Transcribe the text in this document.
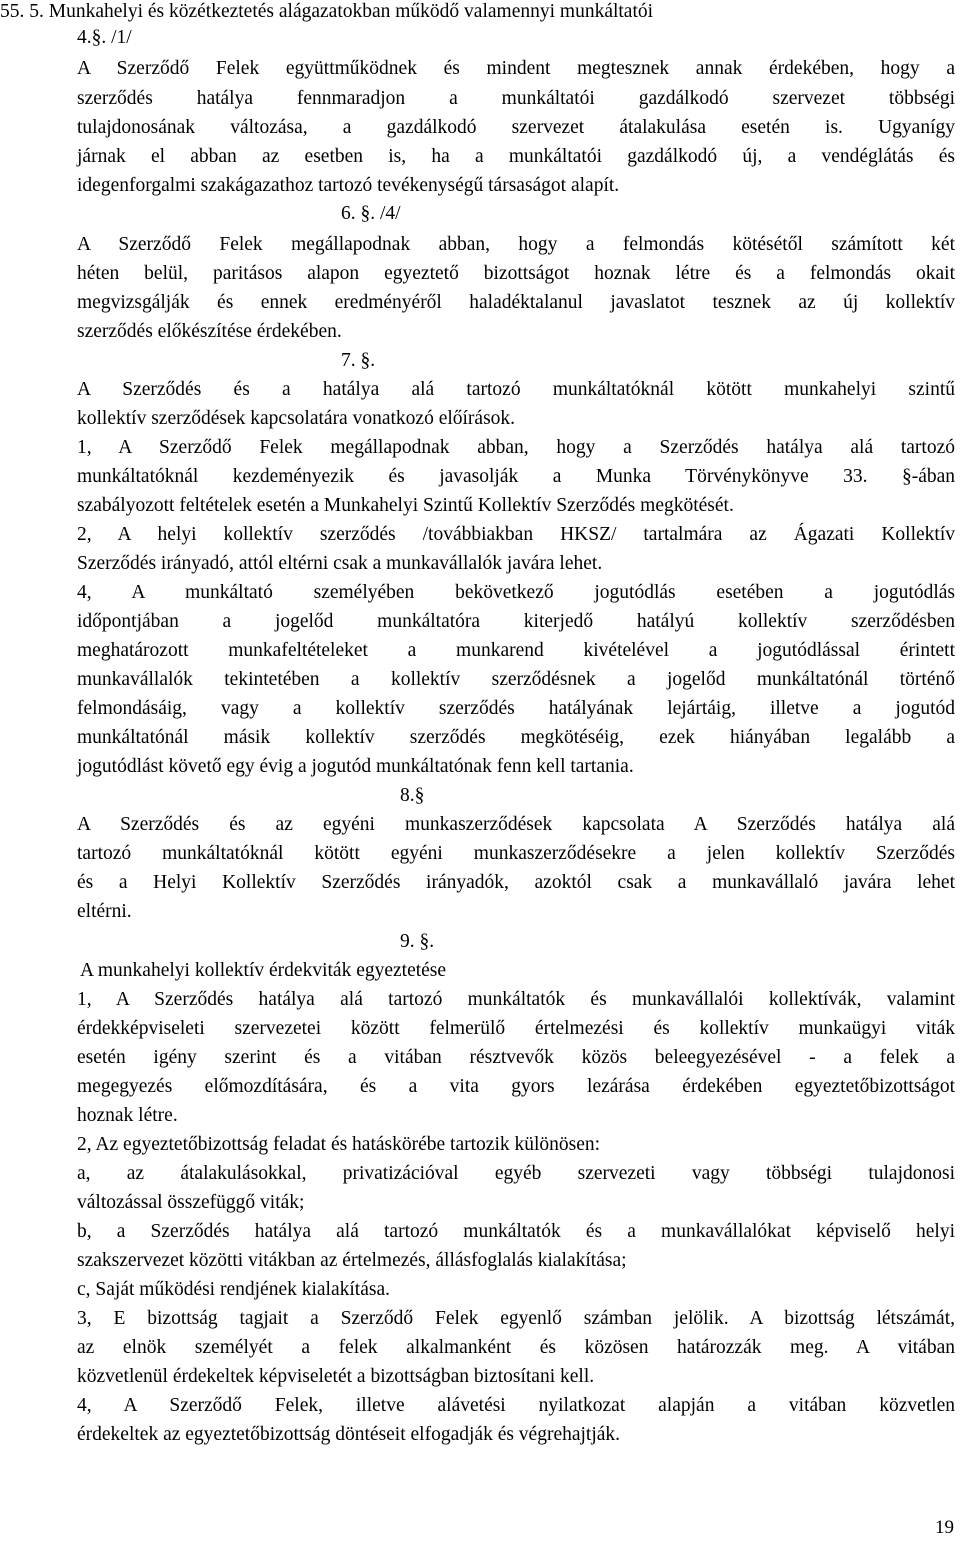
55. 5. Munkahelyi és közétkeztetés alágazatokban működő valamennyi munkáltatói
4.§. /1/
A Szerződő Felek együttműködnek és mindent megtesznek annak érdekében, hogy a
szerződés hatálya fennmaradjon a munkáltatói gazdálkodó szervezet többségi
tulajdonosának változása, a gazdálkodó szervezet átalakulása esetén is. Ugyanígy
járnak el abban az esetben is, ha a munkáltatói gazdálkodó új, a vendéglátás és
idegenforgalmi szakágazathoz tartozó tevékenységű társaságot alapít.
6. §. /4/
A Szerződő Felek megállapodnak abban, hogy a felmondás kötésétől számított két
héten belül, paritásos alapon egyeztető bizottságot hoznak létre és a felmondás okait
megvizsgálják és ennek eredményéről haladéktalanul javaslatot tesznek az új kollektív
szerződés előkészítése érdekében.
7. §.
A Szerződés és a hatálya alá tartozó munkáltatóknál kötött munkahelyi szintű
kollektív szerződések kapcsolatára vonatkozó előírások.
1, A Szerződő Felek megállapodnak abban, hogy a Szerződés hatálya alá tartozó
munkáltatóknál kezdeményezik és javasolják a Munka Törvénykönyve 33. §-ában
szabályozott feltételek esetén a Munkahelyi Szintű Kollektív Szerződés megkötését.
2, A helyi kollektív szerződés /továbbiakban HKSZ/ tartalmára az Ágazati Kollektív
Szerződés irányadó, attól eltérni csak a munkavállalók javára lehet.
4, A munkáltató személyében bekövetkező jogutódlás esetében a jogutódlás
időpontjában a jogelőd munkáltatóra kiterjedő hatályú kollektív szerződésben
meghatározott munkafeltételeket a munkarend kivételével a jogutódlással érintett
munkavállalók tekintetében a kollektív szerződésnek a jogelőd munkáltatónál történő
felmondásáig, vagy a kollektív szerződés hatályának lejártáig, illetve a jogutód
munkáltatónál másik kollektív szerződés megkötéséig, ezek hiányában legalább a
jogutódlást követő egy évig a jogutód munkáltatónak fenn kell tartania.
8.§
A Szerződés és az egyéni munkaszerződések kapcsolata A Szerződés hatálya alá
tartozó munkáltatóknál kötött egyéni munkaszerződésekre a jelen kollektív Szerződés
és a Helyi Kollektív Szerződés irányadók, azoktól csak a munkavállaló javára lehet
eltérni.
9. §.
A munkahelyi kollektív érdekviták egyeztetése
1, A Szerződés hatálya alá tartozó munkáltatók és munkavállalói kollektívák, valamint
érdekképviseleti szervezetei között felmerülő értelmezési és kollektív munkaügyi viták
esetén igény szerint és a vitában résztvevők közös beleegyezésével - a felek a
megegyezés előmozdítására, és a vita gyors lezárása érdekében egyeztetőbizottságot
hoznak létre.
2, Az egyeztetőbizottság feladat és hatáskörébe tartozik különösen:
a, az átalakulásokkal, privatizációval egyéb szervezeti vagy többségi tulajdonosi
változással összefüggő viták;
b, a Szerződés hatálya alá tartozó munkáltatók és a munkavállalókat képviselő helyi
szakszervezet közötti vitákban az értelmezés, állásfoglalás kialakítása;
c, Saját működési rendjének kialakítása.
3, E bizottság tagjait a Szerződő Felek egyenlő számban jelölik. A bizottság létszámát,
az elnök személyét a felek alkalmanként és közösen határozzák meg. A vitában
közvetlenül érdekeltek képviseletét a bizottságban biztosítani kell.
4, A Szerződő Felek, illetve alávetési nyilatkozat alapján a vitában közvetlen
érdekeltek az egyeztetőbizottság döntéseit elfogadják és végrehajtják.
19
